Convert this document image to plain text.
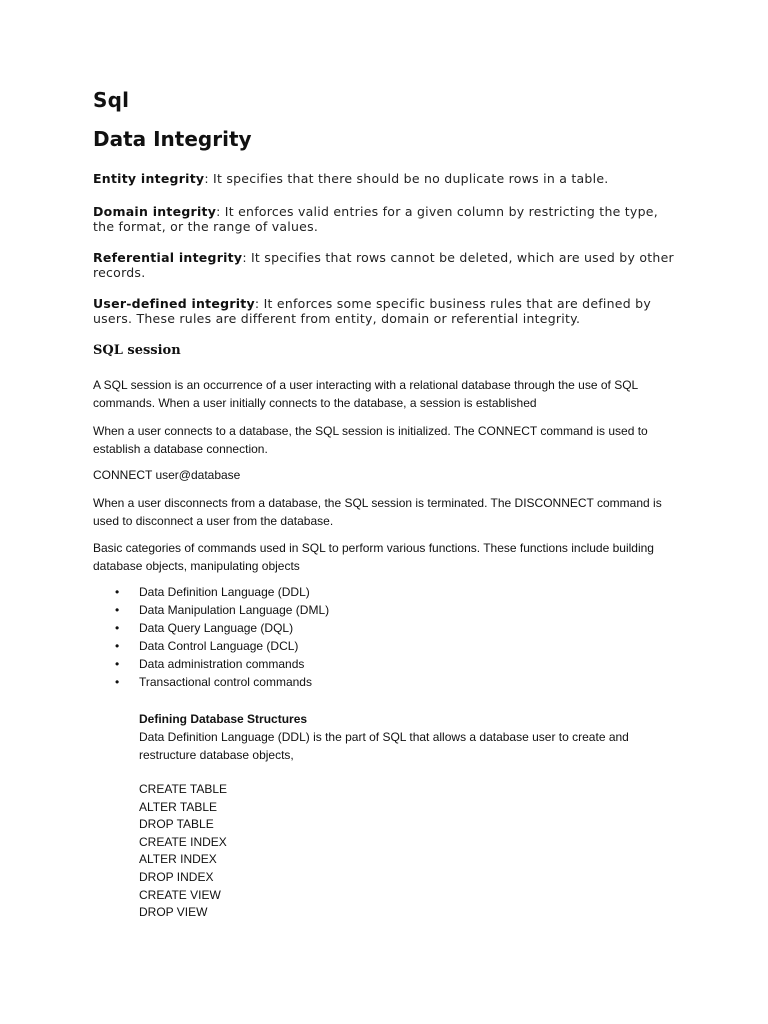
Sql
Data Integrity

Entity integrity: It specifies that there should be no duplicate rows in a table.

Domain integrity: It enforces valid entries for a given column by restricting the type, the format, or the range of values.

Referential integrity: It specifies that rows cannot be deleted, which are used by other records.

User-defined integrity: It enforces some specific business rules that are defined by users. These rules are different from entity, domain or referential integrity.

SQL session

A SQL session is an occurrence of a user interacting with a relational database through the use of SQL commands. When a user initially connects to the database, a session is established

When a user connects to a database, the SQL session is initialized. The CONNECT command is used to establish a database connection.

CONNECT user@database

When a user disconnects from a database, the SQL session is terminated. The DISCONNECT command is used to disconnect a user from the database.

Basic categories of commands used in SQL to perform various functions. These functions include building database objects, manipulating objects

• Data Definition Language (DDL)
• Data Manipulation Language (DML)
• Data Query Language (DQL)
• Data Control Language (DCL)
• Data administration commands
• Transactional control commands
Defining Database Structures

Data Definition Language (DDL) is the part of SQL that allows a database user to create and restructure database objects,

CREATE TABLE
ALTER TABLE
DROP TABLE
CREATE INDEX
ALTER INDEX
DROP INDEX
CREATE VIEW
DROP VIEW
